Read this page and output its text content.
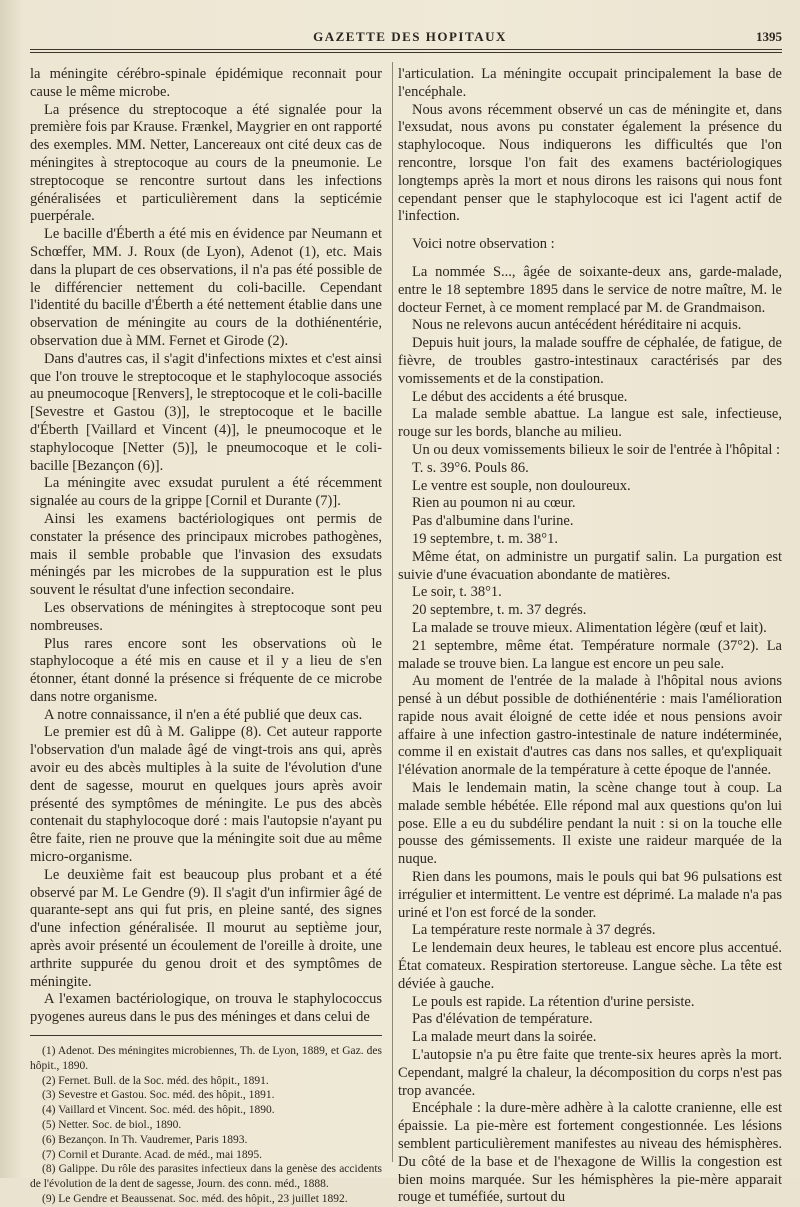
GAZETTE DES HOPITAUX	1395

la méningite cérébro-spinale épidémique reconnait pour cause le même microbe.

La présence du streptocoque a été signalée pour la première fois par Krause. Frænkel, Maygrier en ont rapporté des exemples. MM. Netter, Lancereaux ont cité deux cas de méningites à streptocoque au cours de la pneumonie. Le streptocoque se rencontre surtout dans les infections généralisées et particulièrement dans la septicémie puerpérale.

Le bacille d'Éberth a été mis en évidence par Neumann et Schœffer, MM. J. Roux (de Lyon), Adenot (1), etc. Mais dans la plupart de ces observations, il n'a pas été possible de le différencier nettement du coli-bacille. Cependant l'identité du bacille d'Éberth a été nettement établie dans une observation de méningite au cours de la dothiénentérie, observation due à MM. Fernet et Girode (2).

Dans d'autres cas, il s'agit d'infections mixtes et c'est ainsi que l'on trouve le streptocoque et le staphylocoque associés au pneumocoque [Renvers], le streptocoque et le coli-bacille [Sevestre et Gastou (3)], le streptocoque et le bacille d'Éberth [Vaillard et Vincent (4)], le pneumocoque et le staphylocoque [Netter (5)], le pneumocoque et le coli-bacille [Bezançon (6)].

La méningite avec exsudat purulent a été récemment signalée au cours de la grippe [Cornil et Durante (7)].

Ainsi les examens bactériologiques ont permis de constater la présence des principaux microbes pathogènes, mais il semble probable que l'invasion des exsudats méningés par les microbes de la suppuration est le plus souvent le résultat d'une infection secondaire.

Les observations de méningites à streptocoque sont peu nombreuses.

Plus rares encore sont les observations où le staphylocoque a été mis en cause et il y a lieu de s'en étonner, étant donné la présence si fréquente de ce microbe dans notre organisme.

A notre connaissance, il n'en a été publié que deux cas.

Le premier est dû à M. Galippe (8). Cet auteur rapporte l'observation d'un malade âgé de vingt-trois ans qui, après avoir eu des abcès multiples à la suite de l'évolution d'une dent de sagesse, mourut en quelques jours après avoir présenté des symptômes de méningite. Le pus des abcès contenait du staphylocoque doré : mais l'autopsie n'ayant pu être faite, rien ne prouve que la méningite soit due au même micro-organisme.

Le deuxième fait est beaucoup plus probant et a été observé par M. Le Gendre (9). Il s'agit d'un infirmier âgé de quarante-sept ans qui fut pris, en pleine santé, des signes d'une infection généralisée. Il mourut au septième jour, après avoir présenté un écoulement de l'oreille à droite, une arthrite suppurée du genou droit et des symptômes de méningite.

A l'examen bactériologique, on trouva le staphylococcus pyogenes aureus dans le pus des méninges et dans celui de

(1) Adenot. Des méningites microbiennes, Th. de Lyon, 1889, et Gaz. des hôpit., 1890.

(2) Fernet. Bull. de la Soc. méd. des hôpit., 1891.

(3) Sevestre et Gastou. Soc. méd. des hôpit., 1891.

(4) Vaillard et Vincent. Soc. méd. des hôpit., 1890.

(5) Netter. Soc. de biol., 1890.

(6) Bezançon. In Th. Vaudremer, Paris 1893.

(7) Cornil et Durante. Acad. de méd., mai 1895.

(8) Galippe. Du rôle des parasites infectieux dans la genèse des accidents de l'évolution de la dent de sagesse, Journ. des conn. méd., 1888.

(9) Le Gendre et Beaussenat. Soc. méd. des hôpit., 23 juillet 1892.

l'articulation. La méningite occupait principalement la base de l'encéphale.

Nous avons récemment observé un cas de méningite et, dans l'exsudat, nous avons pu constater également la présence du staphylocoque. Nous indiquerons les difficultés que l'on rencontre, lorsque l'on fait des examens bactériologiques longtemps après la mort et nous dirons les raisons qui nous font cependant penser que le staphylocoque est ici l'agent actif de l'infection.

Voici notre observation :

La nommée S..., âgée de soixante-deux ans, garde-malade, entre le 18 septembre 1895 dans le service de notre maître, M. le docteur Fernet, à ce moment remplacé par M. de Grandmaison.

Nous ne relevons aucun antécédent héréditaire ni acquis.

Depuis huit jours, la malade souffre de céphalée, de fatigue, de fièvre, de troubles gastro-intestinaux caractérisés par des vomissements et de la constipation.

Le début des accidents a été brusque.

La malade semble abattue. La langue est sale, infectieuse, rouge sur les bords, blanche au milieu.

Un ou deux vomissements bilieux le soir de l'entrée à l'hôpital :

T. s. 39°6. Pouls 86.

Le ventre est souple, non douloureux.

Rien au poumon ni au cœur.

Pas d'albumine dans l'urine.

19 septembre, t. m. 38°1.

Même état, on administre un purgatif salin. La purgation est suivie d'une évacuation abondante de matières.

Le soir, t. 38°1.

20 septembre, t. m. 37 degrés.

La malade se trouve mieux. Alimentation légère (œuf et lait).

21 septembre, même état. Température normale (37°2). La malade se trouve bien. La langue est encore un peu sale.

Au moment de l'entrée de la malade à l'hôpital nous avions pensé à un début possible de dothiénentérie : mais l'amélioration rapide nous avait éloigné de cette idée et nous pensions avoir affaire à une infection gastro-intestinale de nature indéterminée, comme il en existait d'autres cas dans nos salles, et qu'expliquait l'élévation anormale de la température à cette époque de l'année.

Mais le lendemain matin, la scène change tout à coup. La malade semble hébétée. Elle répond mal aux questions qu'on lui pose. Elle a eu du subdélire pendant la nuit : si on la touche elle pousse des gémissements. Il existe une raideur marquée de la nuque.

Rien dans les poumons, mais le pouls qui bat 96 pulsations est irrégulier et intermittent. Le ventre est déprimé. La malade n'a pas uriné et l'on est forcé de la sonder.

La température reste normale à 37 degrés.

Le lendemain deux heures, le tableau est encore plus accentué. État comateux. Respiration stertoreuse. Langue sèche. La tête est déviée à gauche.

Le pouls est rapide. La rétention d'urine persiste.

Pas d'élévation de température.

La malade meurt dans la soirée.

L'autopsie n'a pu être faite que trente-six heures après la mort. Cependant, malgré la chaleur, la décomposition du corps n'est pas trop avancée.

Encéphale : la dure-mère adhère à la calotte cranienne, elle est épaissie. La pie-mère est fortement congestionnée. Les lésions semblent particulièrement manifestes au niveau des hémisphères. Du côté de la base et de l'hexagone de Willis la congestion est bien moins marquée. Sur les hémisphères la pie-mère apparait rouge et tuméfiée, surtout du
